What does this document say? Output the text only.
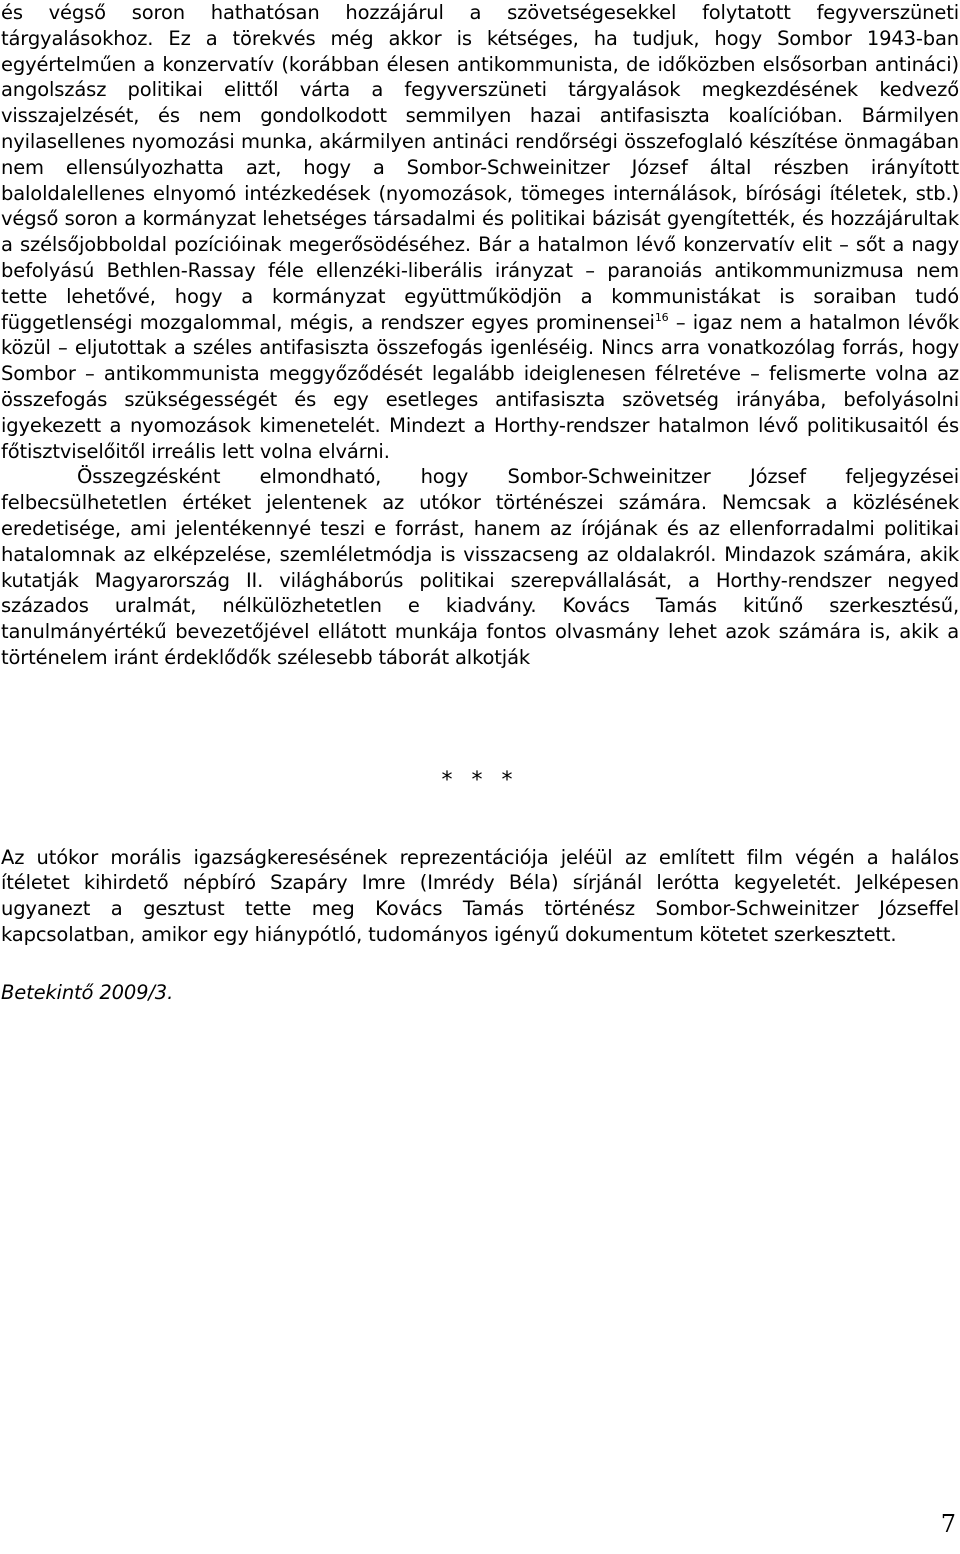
és végső soron hathatósan hozzájárul a szövetségesekkel folytatott fegyverszüneti tárgyalásokhoz. Ez a törekvés még akkor is kétséges, ha tudjuk, hogy Sombor 1943-ban egyértelműen a konzervatív (korábban élesen antikommunista, de időközben elsősorban antináci) angolszász politikai elittől várta a fegyverszüneti tárgyalások megkezdésének kedvező visszajelzését, és nem gondolkodott semmilyen hazai antifasiszta koalícióban. Bármilyen nyilasellenes nyomozási munka, akármilyen antináci rendőrségi összefoglaló készítése önmagában nem ellensúlyozhatta azt, hogy a Sombor-Schweinitzer József által részben irányított baloldalellenes elnyomó intézkedések (nyomozások, tömeges internálások, bírósági ítéletek, stb.) végső soron a kormányzat lehetséges társadalmi és politikai bázisát gyengítették, és hozzájárultak a szélsőjobboldal pozícióinak megerősödéséhez. Bár a hatalmon lévő konzervatív elit – sőt a nagy befolyású Bethlen-Rassay féle ellenzéki-liberális irányzat – paranoiás antikommunizmusa nem tette lehetővé, hogy a kormányzat együttműködjön a kommunistákat is soraiban tudó függetlenségi mozgalommal, mégis, a rendszer egyes prominensei$^{16}$ – igaz nem a hatalmon lévők közül – eljutottak a széles antifasiszta összefogás igenléséig. Nincs arra vonatkozólag forrás, hogy Sombor – antikommunista meggyőződését legalább ideiglenesen félretéve – felismerte volna az összefogás szükségességét és egy esetleges antifasiszta szövetség irányába, befolyásolni igyekezett a nyomozások kimenetelét. Mindezt a Horthy-rendszer hatalmon lévő politikusaitól és főtisztviselőitől irreális lett volna elvárni.

Összegzésként elmondható, hogy Sombor-Schweinitzer József feljegyzései felbecsülhetetlen értéket jelentenek az utókor történészei számára. Nemcsak a közlésének eredetisége, ami jelentékennyé teszi e forrást, hanem az írójának és az ellenforradalmi politikai hatalomnak az elképzelése, szemléletmódja is visszacseng az oldalakról. Mindazok számára, akik kutatják Magyarország II. világháborús politikai szerepvállalását, a Horthy-rendszer negyed százados uralmát, nélkülözhetetlen e kiadvány. Kovács Tamás kitűnő szerkesztésű, tanulmányértékű bevezetőjével ellátott munkája fontos olvasmány lehet azok számára is, akik a történelem iránt érdeklődők szélesebb táborát alkotják

* * *

Az utókor morális igazságkeresésének reprezentációja jeléül az említett film végén a halálos ítéletet kihirdető népbíró Szapáry Imre (Imrédy Béla) sírjánál lerótta kegyeletét. Jelképesen ugyanezt a gesztust tette meg Kovács Tamás történész Sombor-Schweinitzer Józseffel kapcsolatban, amikor egy hiánypótló, tudományos igényű dokumentum kötetet szerkesztett.

Betekintő 2009/3.
7
